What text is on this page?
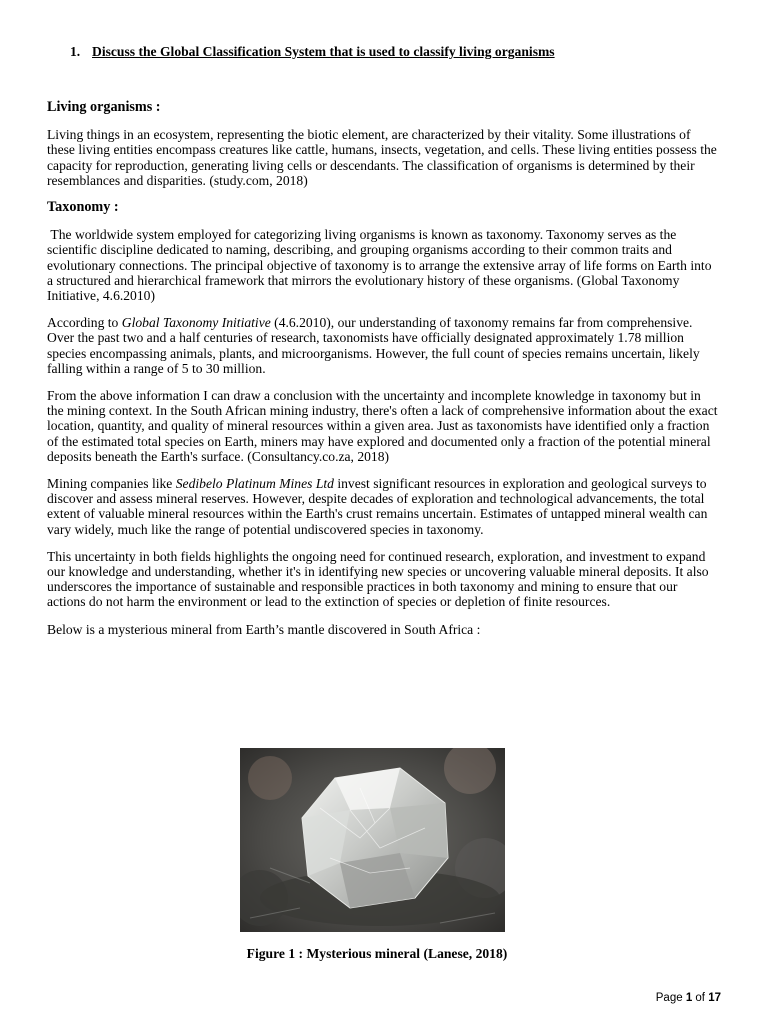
1. Discuss the Global Classification System that is used to classify living organisms
Living organisms :
Living things in an ecosystem, representing the biotic element, are characterized by their vitality. Some illustrations of these living entities encompass creatures like cattle, humans, insects, vegetation, and cells. These living entities possess the capacity for reproduction, generating living cells or descendants. The classification of organisms is determined by their resemblances and disparities. (study.com, 2018)
Taxonomy :
The worldwide system employed for categorizing living organisms is known as taxonomy. Taxonomy serves as the scientific discipline dedicated to naming, describing, and grouping organisms according to their common traits and evolutionary connections. The principal objective of taxonomy is to arrange the extensive array of life forms on Earth into a structured and hierarchical framework that mirrors the evolutionary history of these organisms. (Global Taxonomy Initiative, 4.6.2010)
According to Global Taxonomy Initiative (4.6.2010), our understanding of taxonomy remains far from comprehensive. Over the past two and a half centuries of research, taxonomists have officially designated approximately 1.78 million species encompassing animals, plants, and microorganisms. However, the full count of species remains uncertain, likely falling within a range of 5 to 30 million.
From the above information I can draw a conclusion with the uncertainty and incomplete knowledge in taxonomy but in the mining context. In the South African mining industry, there's often a lack of comprehensive information about the exact location, quantity, and quality of mineral resources within a given area. Just as taxonomists have identified only a fraction of the estimated total species on Earth, miners may have explored and documented only a fraction of the potential mineral deposits beneath the Earth's surface. (Consultancy.co.za, 2018)
Mining companies like Sedibelo Platinum Mines Ltd invest significant resources in exploration and geological surveys to discover and assess mineral reserves. However, despite decades of exploration and technological advancements, the total extent of valuable mineral resources within the Earth's crust remains uncertain. Estimates of untapped mineral wealth can vary widely, much like the range of potential undiscovered species in taxonomy.
This uncertainty in both fields highlights the ongoing need for continued research, exploration, and investment to expand our knowledge and understanding, whether it's in identifying new species or uncovering valuable mineral deposits. It also underscores the importance of sustainable and responsible practices in both taxonomy and mining to ensure that our actions do not harm the environment or lead to the extinction of species or depletion of finite resources.
Below is a mysterious mineral from Earth’s mantle discovered in South Africa :
Figure 1 : Mysterious mineral (Lanese, 2018)
Page 1 of 17
